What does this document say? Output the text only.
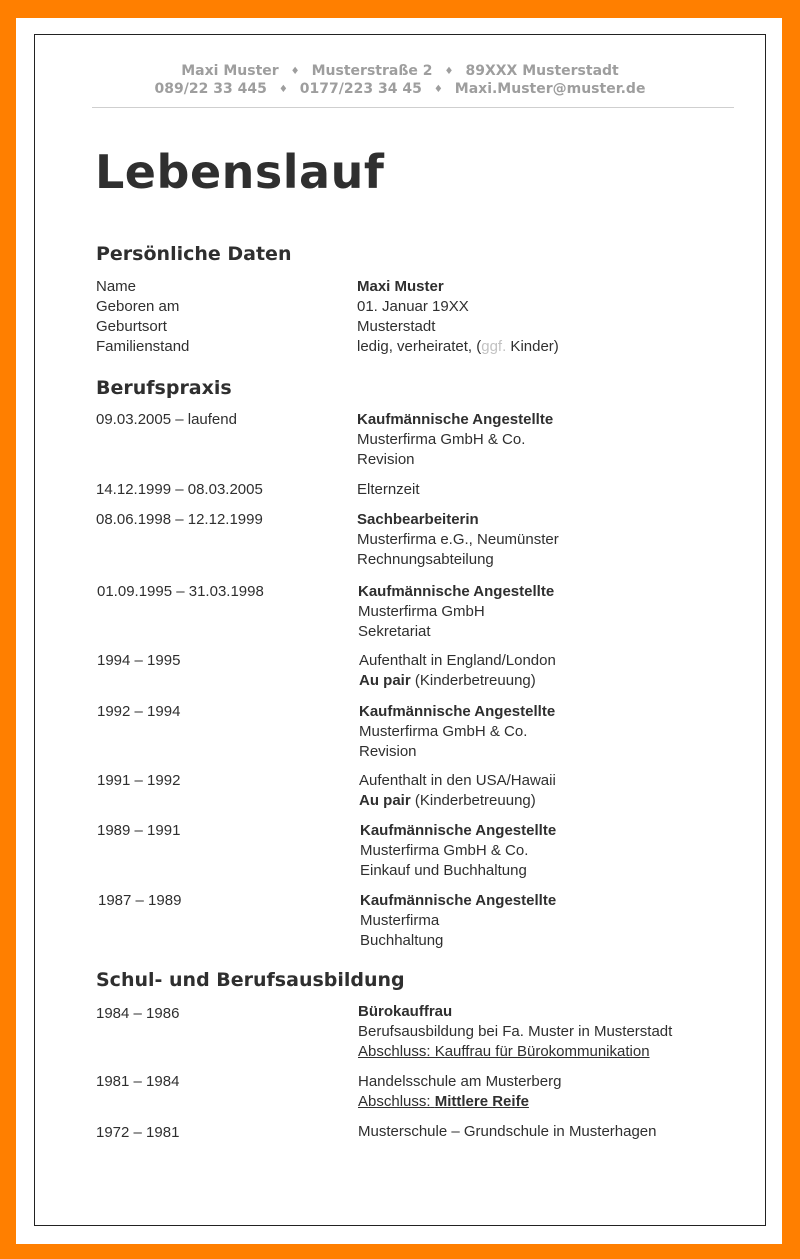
Maxi Muster ♦ Musterstraße 2 ♦ 89XXX Musterstadt
089/22 33 445 ♦ 0177/223 34 45 ♦ Maxi.Muster@muster.de
Lebenslauf
Persönliche Daten
Name	Maxi Muster
Geboren am	01. Januar 19XX
Geburtsort	Musterstadt
Familienstand	ledig, verheiratet, (ggf. Kinder)
Berufspraxis
09.03.2005 – laufend	Kaufmännische Angestellte
Musterfirma GmbH & Co.
Revision
14.12.1999 – 08.03.2005	Elternzeit
08.06.1998 – 12.12.1999	Sachbearbeiterin
Musterfirma e.G., Neumünster
Rechnungsabteilung
01.09.1995 – 31.03.1998	Kaufmännische Angestellte
Musterfirma GmbH
Sekretariat
1994 – 1995	Aufenthalt in England/London
Au pair (Kinderbetreuung)
1992 – 1994	Kaufmännische Angestellte
Musterfirma GmbH & Co.
Revision
1991 – 1992	Aufenthalt in den USA/Hawaii
Au pair (Kinderbetreuung)
1989 – 1991	Kaufmännische Angestellte
Musterfirma GmbH & Co.
Einkauf und Buchhaltung
1987 – 1989	Kaufmännische Angestellte
Musterfirma
Buchhaltung
Schul- und Berufsausbildung
1984 – 1986	Bürokauffrau
Berufsausbildung bei Fa. Muster in Musterstadt
Abschluss: Kauffrau für Bürokommunikation
1981 – 1984	Handelsschule am Musterberg
Abschluss: Mittlere Reife
1972 – 1981	Musterschule – Grundschule in Musterhagen
